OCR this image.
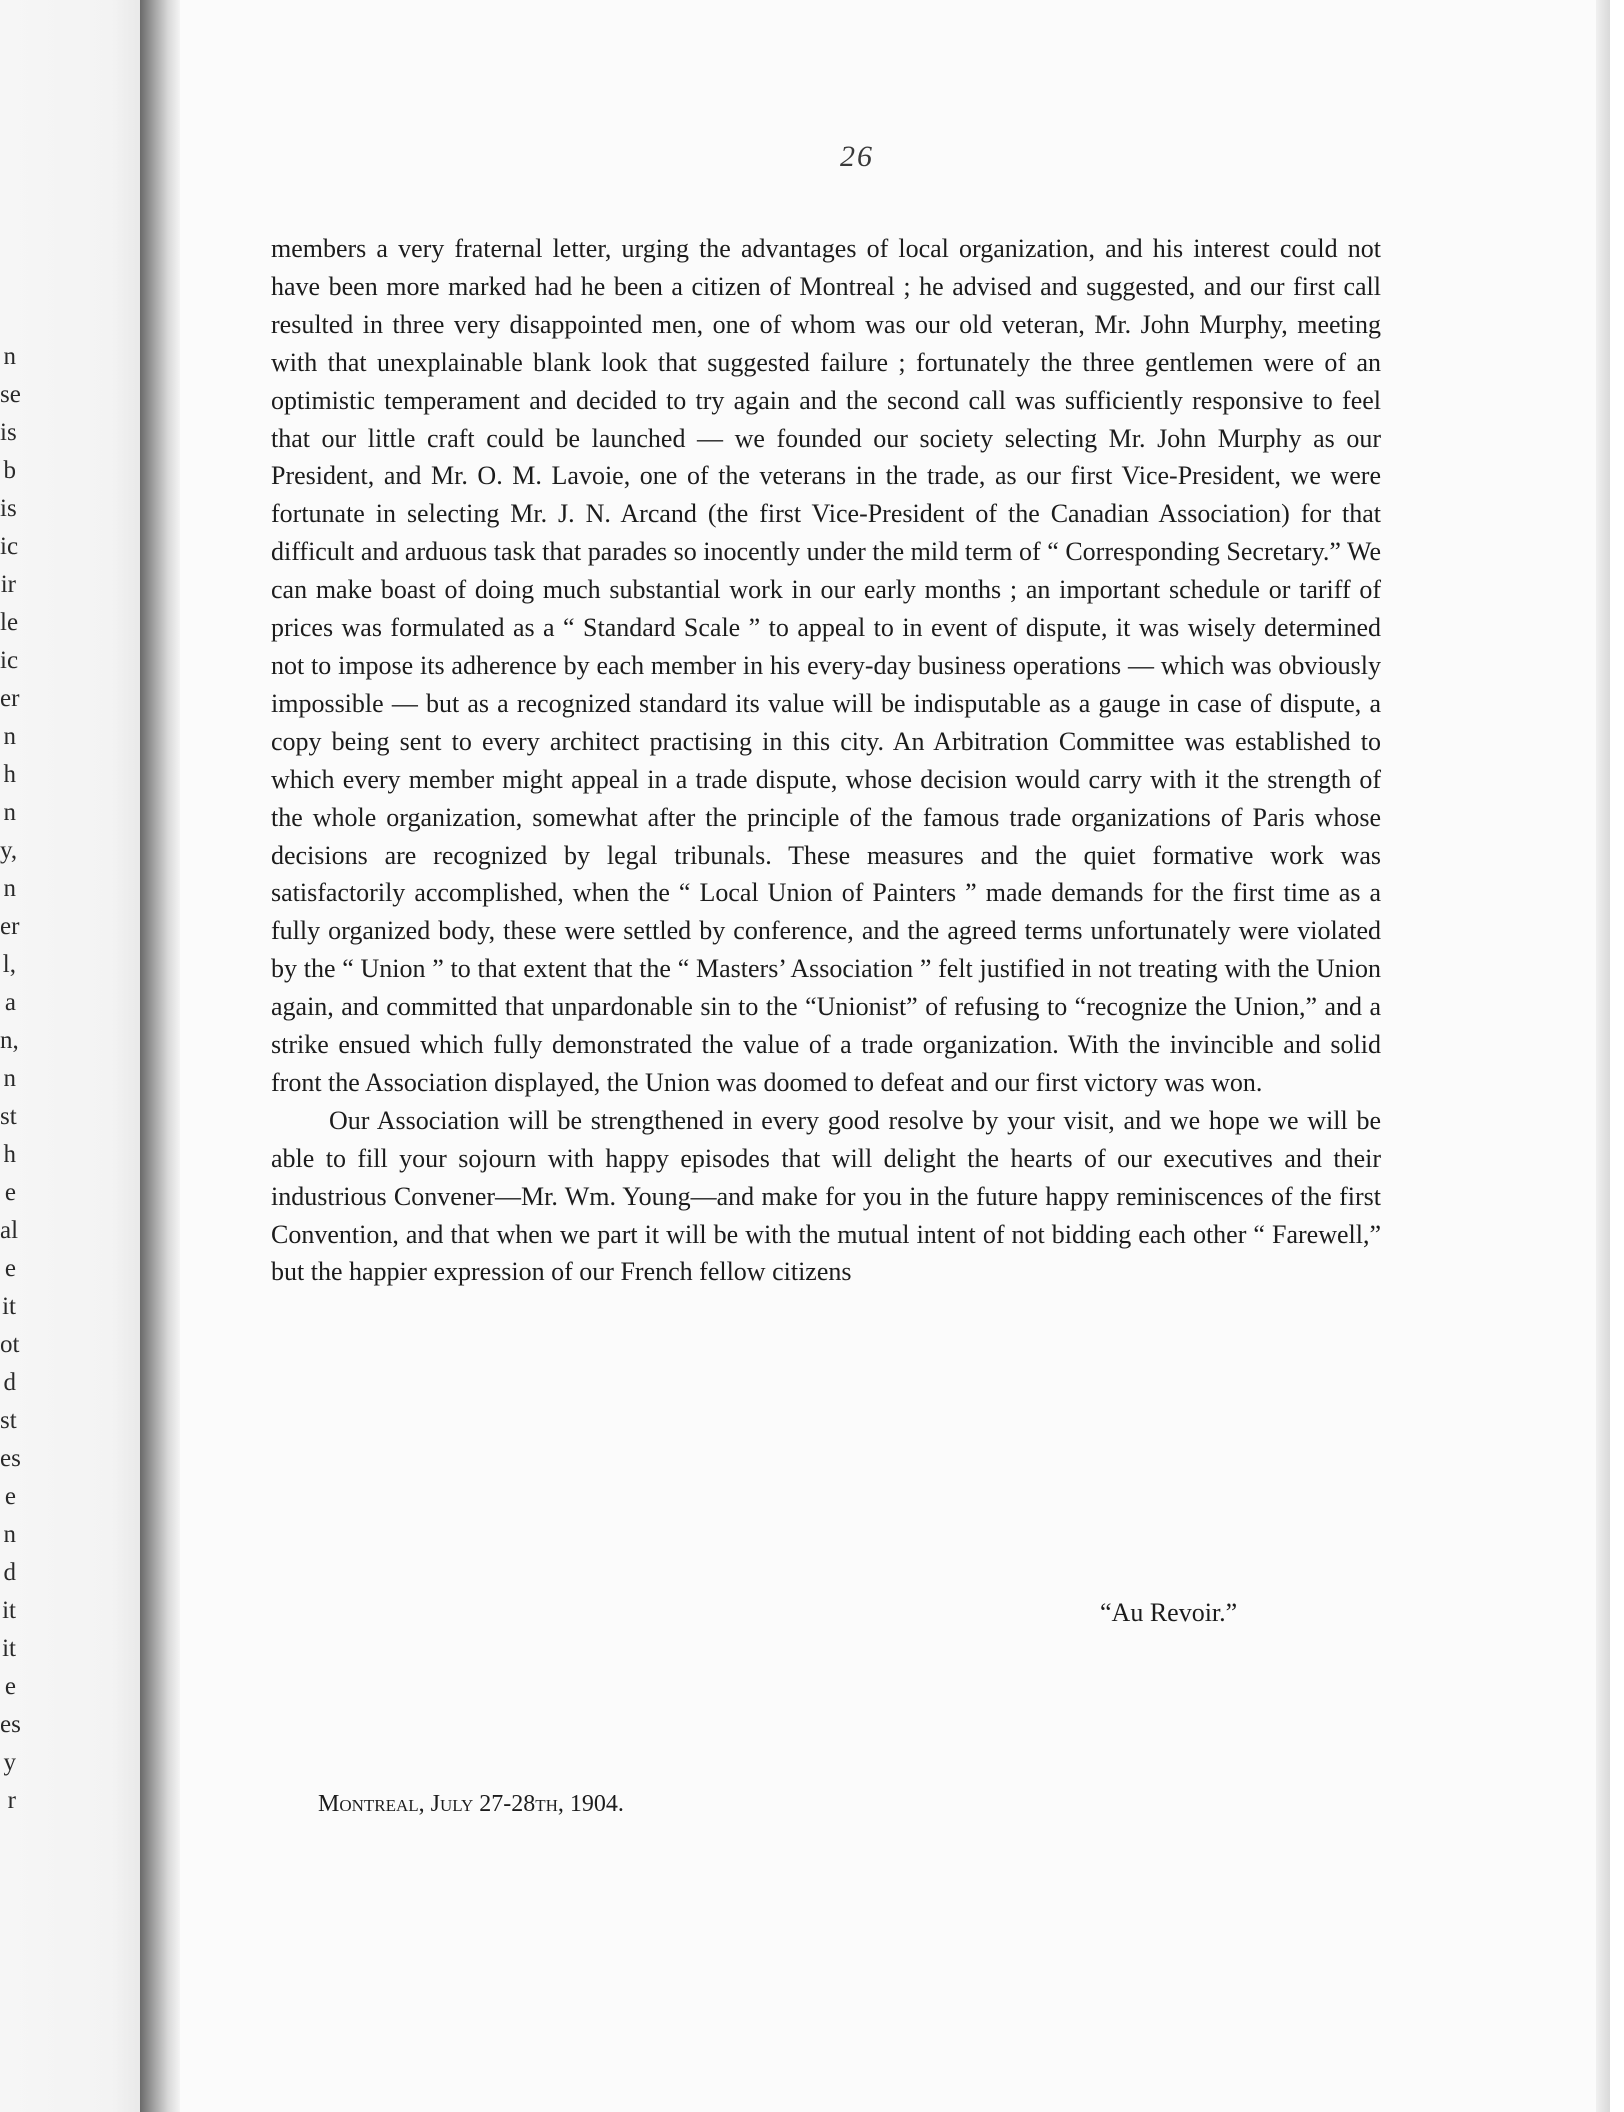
n
se
is
b
is
ic
ir
le
ic
er
n
h
n
y,
n
er
l,
a
n,
n
st
h
e
al
e
it
ot
d
st
es
e
n
d
it
it
e
es
y
r
26

members a very fraternal letter, urging the advantages of local organization, and his interest could not have been more marked had he been a citizen of Montreal ; he advised and suggested, and our first call resulted in three very disappointed men, one of whom was our old veteran, Mr. John Murphy, meeting with that unexplainable blank look that suggested failure ; fortunately the three gentlemen were of an optimistic temperament and decided to try again and the second call was sufficiently responsive to feel that our little craft could be launched — we founded our society selecting Mr. John Murphy as our President, and Mr. O. M. Lavoie, one of the veterans in the trade, as our first Vice-President, we were fortunate in selecting Mr. J. N. Arcand (the first Vice-President of the Canadian Association) for that difficult and arduous task that parades so inocently under the mild term of “ Corresponding Secretary.” We can make boast of doing much substantial work in our early months ; an important schedule or tariff of prices was formulated as a “ Standard Scale ” to appeal to in event of dispute, it was wisely determined not to impose its adherence by each member in his every-day business operations — which was obviously impossible — but as a recognized standard its value will be indisputable as a gauge in case of dispute, a copy being sent to every architect practising in this city. An Arbitration Committee was established to which every member might appeal in a trade dispute, whose decision would carry with it the strength of the whole organization, somewhat after the principle of the famous trade organizations of Paris whose decisions are recognized by legal tribunals. These measures and the quiet formative work was satisfactorily accomplished, when the “ Local Union of Painters ” made demands for the first time as a fully organized body, these were settled by conference, and the agreed terms unfortunately were violated by the “ Union ” to that extent that the “ Masters’ Association ” felt justified in not treating with the Union again, and committed that unpardonable sin to the “Unionist” of refusing to “recognize the Union,” and a strike ensued which fully demonstrated the value of a trade organization. With the invincible and solid front the Association displayed, the Union was doomed to defeat and our first victory was won.

Our Association will be strengthened in every good resolve by your visit, and we hope we will be able to fill your sojourn with happy episodes that will delight the hearts of our executives and their industrious Convener—Mr. Wm. Young—and make for you in the future happy reminiscences of the first Convention, and that when we part it will be with the mutual intent of not bidding each other “ Farewell,” but the happier expression of our French fellow citizens

“Au Revoir.”
Montreal, July 27-28th, 1904.
